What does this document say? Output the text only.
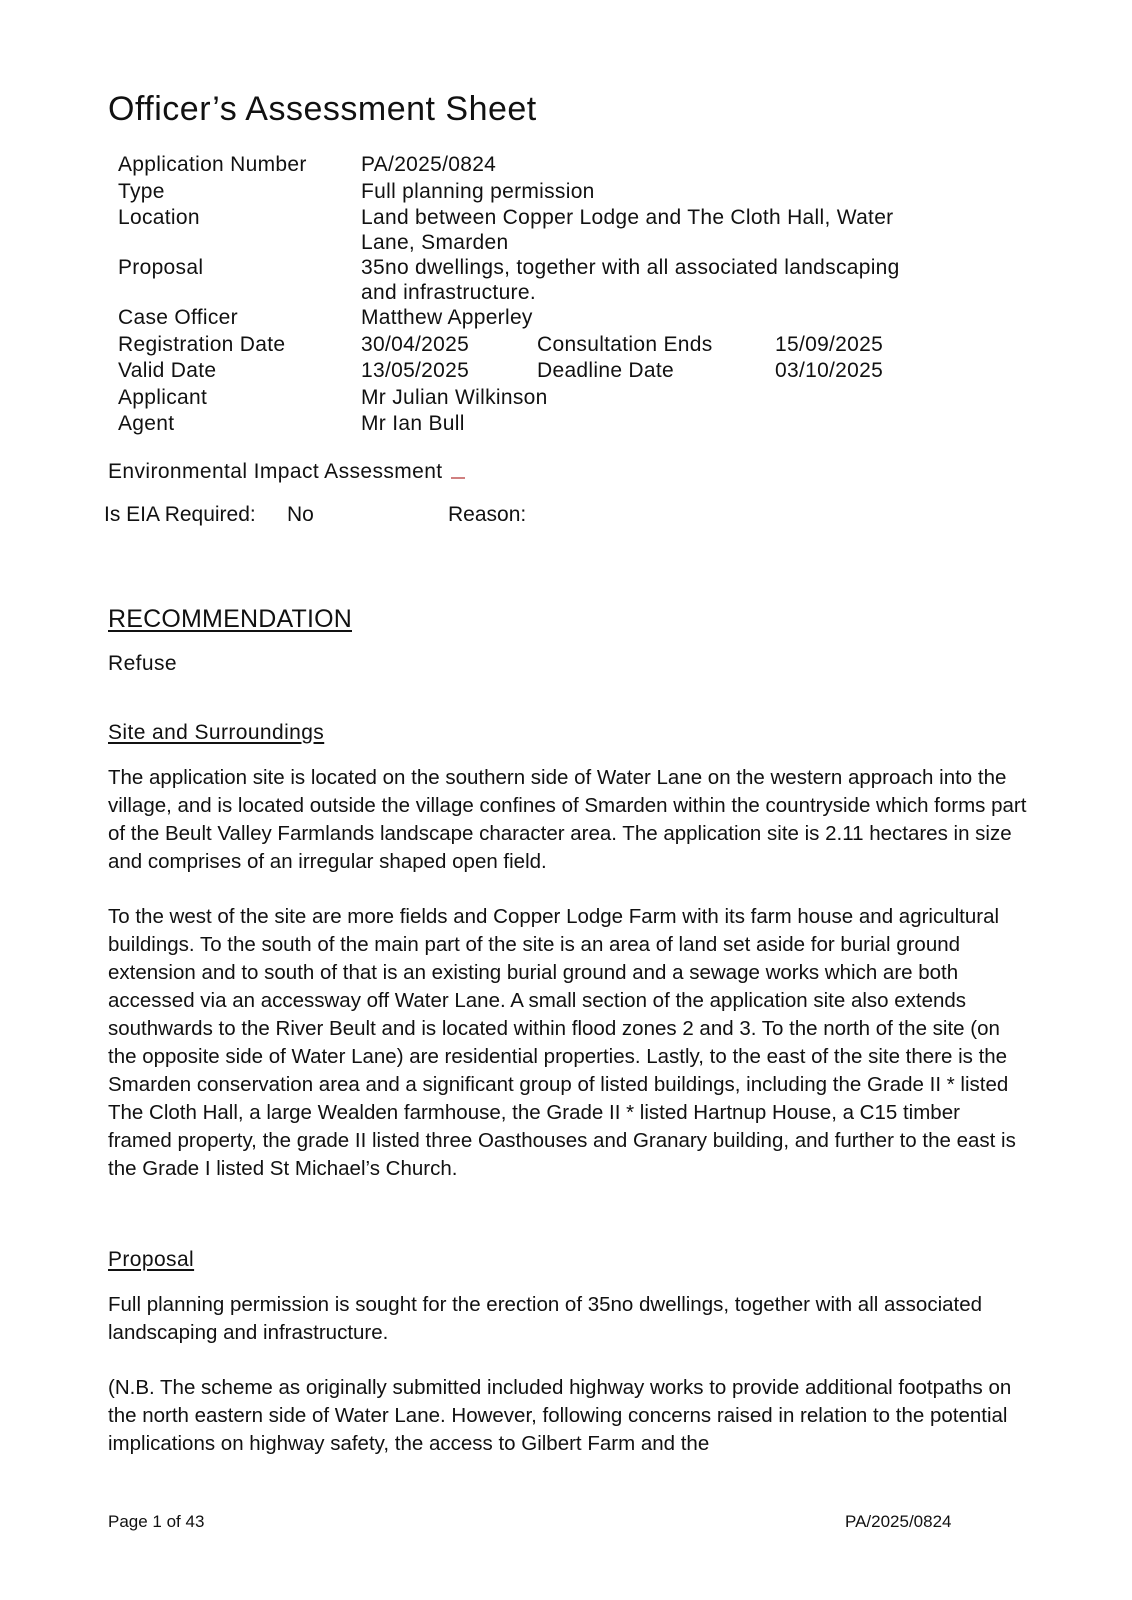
Officer’s Assessment Sheet
Application Number	PA/2025/0824
Type	Full planning permission
Location	Land between Copper Lodge and The Cloth Hall, Water Lane, Smarden
Proposal	35no dwellings, together with all associated landscaping and infrastructure.
Case Officer	Matthew Apperley
Registration Date	30/04/2025	Consultation Ends	15/09/2025
Valid Date	13/05/2025	Deadline Date	03/10/2025
Applicant	Mr Julian Wilkinson
Agent	Mr Ian Bull
Environmental Impact Assessment
Is EIA Required: No	Reason:
RECOMMENDATION
Refuse
Site and Surroundings

The application site is located on the southern side of Water Lane on the western approach into the village, and is located outside the village confines of Smarden within the countryside which forms part of the Beult Valley Farmlands landscape character area. The application site is 2.11 hectares in size and comprises of an irregular shaped open field.

To the west of the site are more fields and Copper Lodge Farm with its farm house and agricultural buildings. To the south of the main part of the site is an area of land set aside for burial ground extension and to south of that is an existing burial ground and a sewage works which are both accessed via an accessway off Water Lane. A small section of the application site also extends southwards to the River Beult and is located within flood zones 2 and 3. To the north of the site (on the opposite side of Water Lane) are residential properties. Lastly, to the east of the site there is the Smarden conservation area and a significant group of listed buildings, including the Grade II * listed The Cloth Hall, a large Wealden farmhouse, the Grade II * listed Hartnup House, a C15 timber framed property, the grade II listed three Oasthouses and Granary building, and further to the east is the Grade I listed St Michael’s Church.

Proposal

Full planning permission is sought for the erection of 35no dwellings, together with all associated landscaping and infrastructure.

(N.B. The scheme as originally submitted included highway works to provide additional footpaths on the north eastern side of Water Lane. However, following concerns raised in relation to the potential implications on highway safety, the access to Gilbert Farm and the

Page 1 of 43	PA/2025/0824
